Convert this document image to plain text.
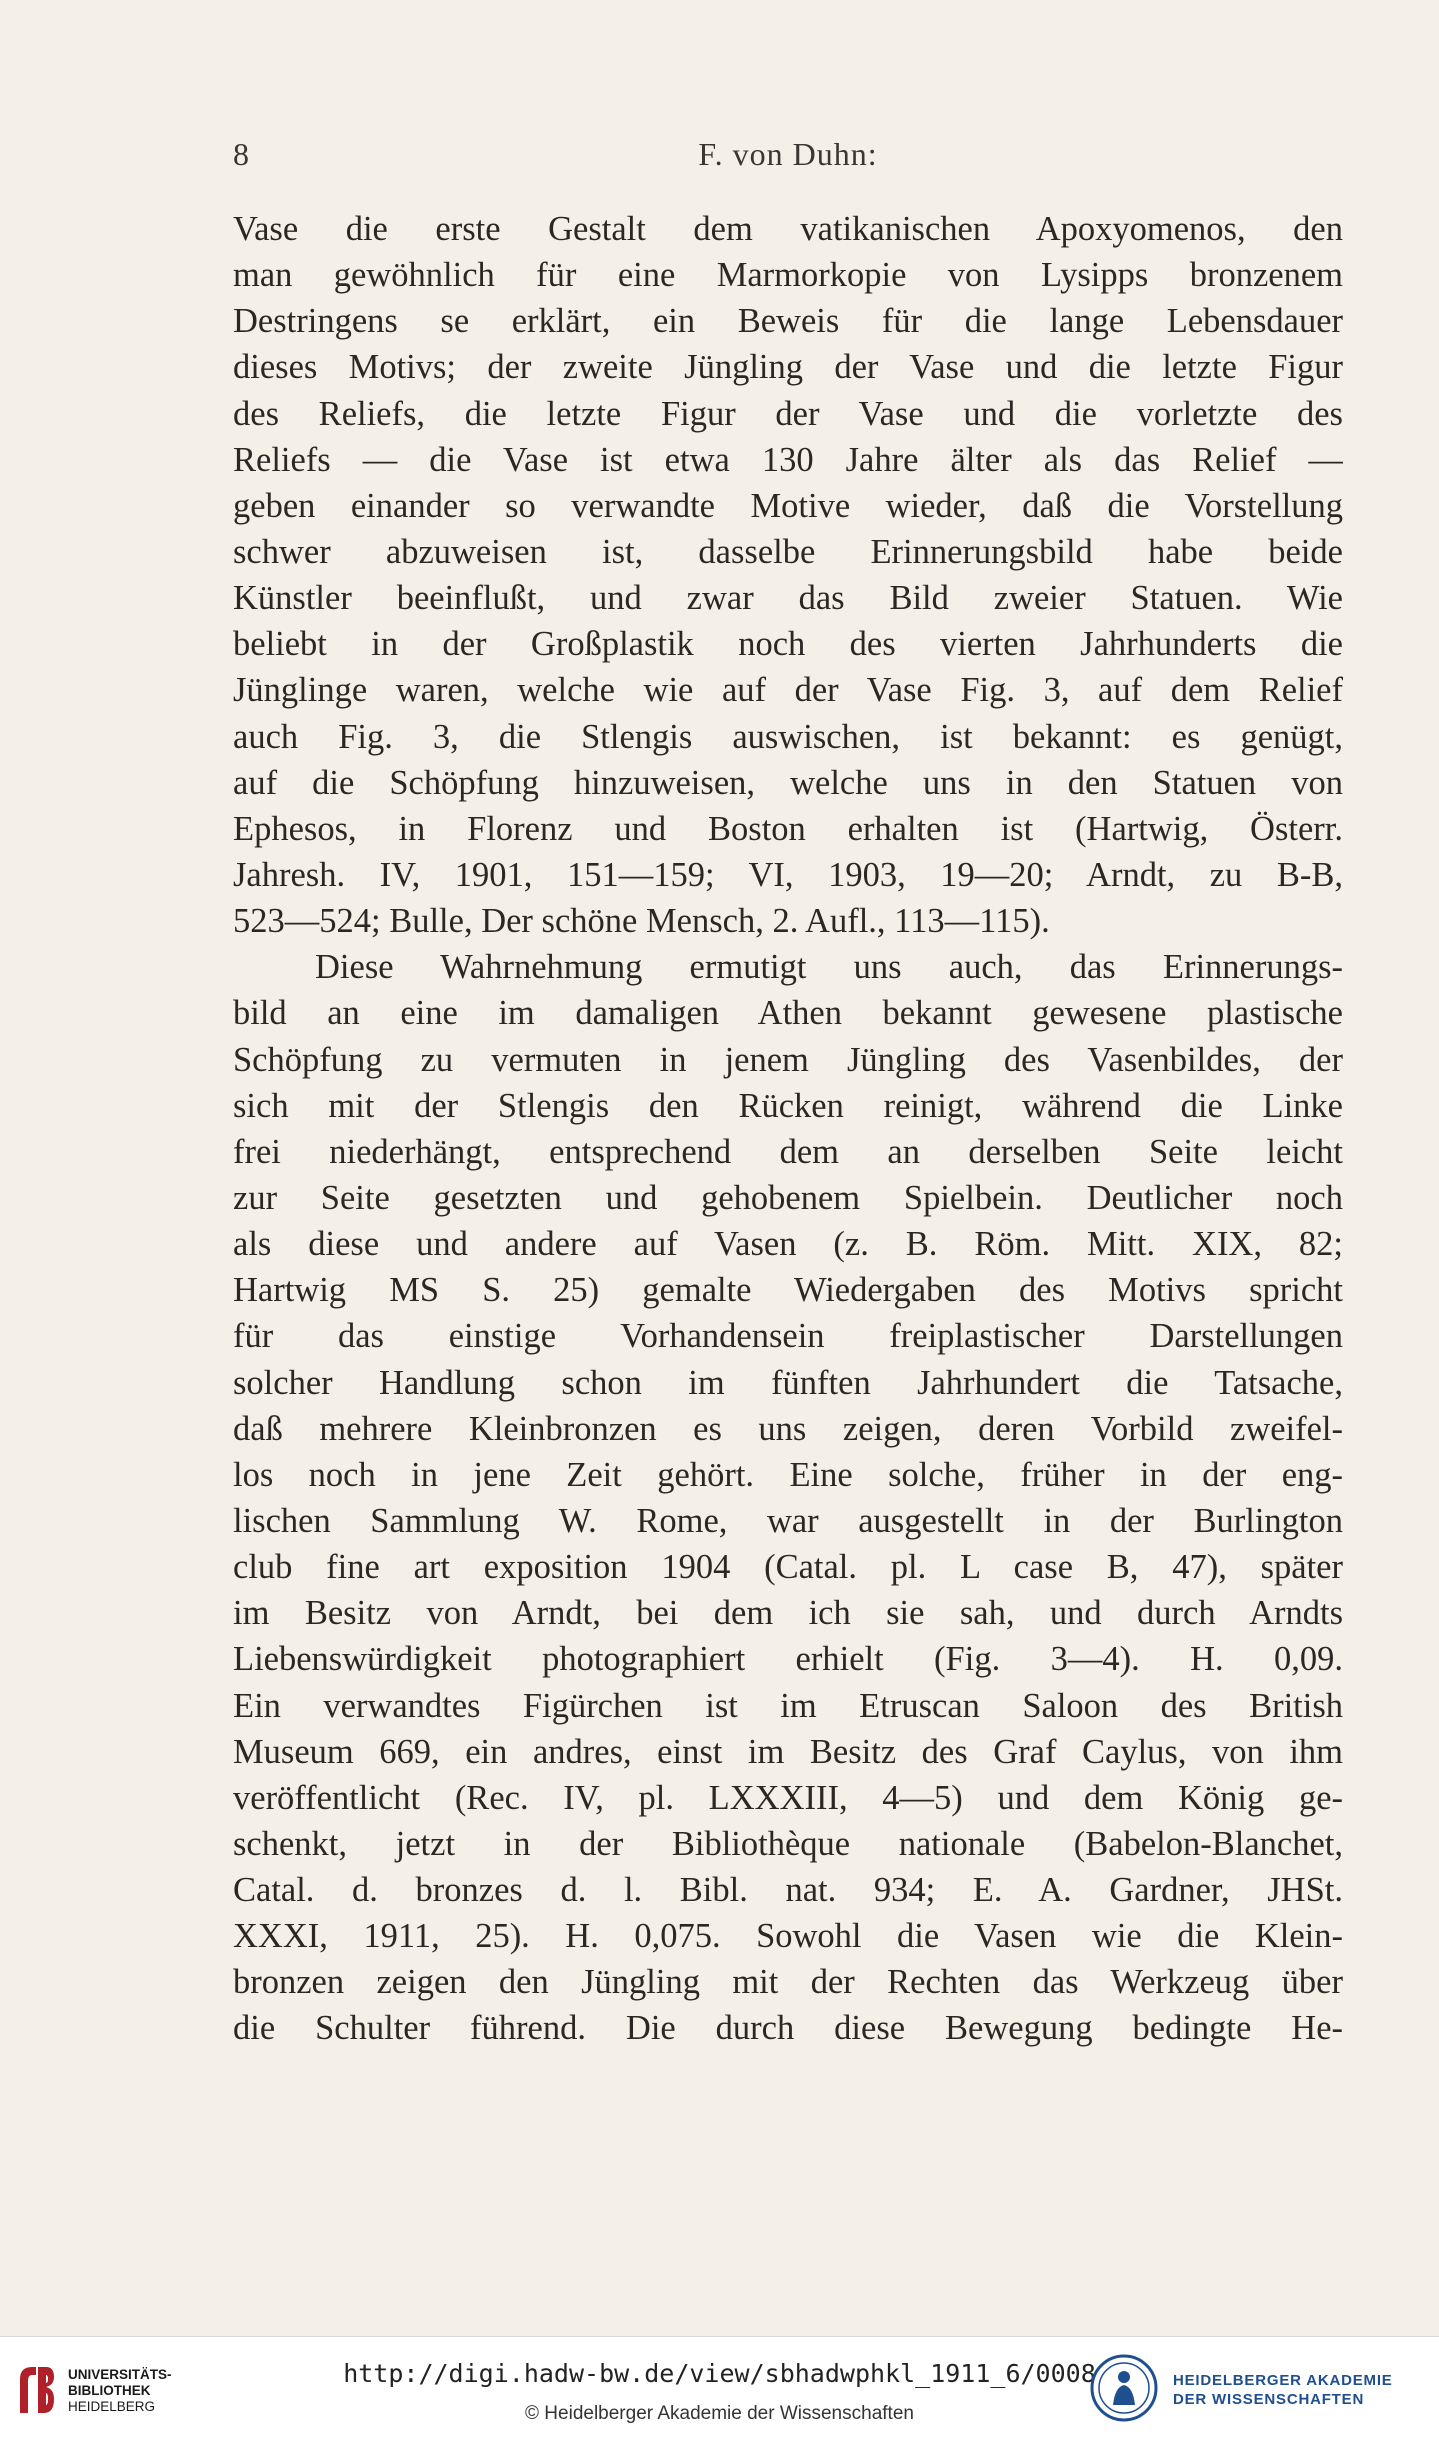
8	F. von Duhn:
Vase die erste Gestalt dem vatikanischen Apoxyomenos, den
man gewöhnlich für eine Marmorkopie von Lysipps bronzenem
Destringens se erklärt, ein Beweis für die lange Lebensdauer
dieses Motivs; der zweite Jüngling der Vase und die letzte Figur
des Reliefs, die letzte Figur der Vase und die vorletzte des
Reliefs — die Vase ist etwa 130 Jahre älter als das Relief —
geben einander so verwandte Motive wieder, daß die Vorstellung
schwer abzuweisen ist, dasselbe Erinnerungsbild habe beide
Künstler beeinflußt, und zwar das Bild zweier Statuen. Wie
beliebt in der Großplastik noch des vierten Jahrhunderts die
Jünglinge waren, welche wie auf der Vase Fig. 3, auf dem Relief
auch Fig. 3, die Stlengis auswischen, ist bekannt: es genügt,
auf die Schöpfung hinzuweisen, welche uns in den Statuen von
Ephesos, in Florenz und Boston erhalten ist (Hartwig, Österr.
Jahresh. IV, 1901, 151—159; VI, 1903, 19—20; Arndt, zu B-B,
523—524; Bulle, Der schöne Mensch, 2. Aufl., 113—115).
Diese Wahrnehmung ermutigt uns auch, das Erinnerungs-
bild an eine im damaligen Athen bekannt gewesene plastische
Schöpfung zu vermuten in jenem Jüngling des Vasenbildes, der
sich mit der Stlengis den Rücken reinigt, während die Linke
frei niederhängt, entsprechend dem an derselben Seite leicht
zur Seite gesetzten und gehobenem Spielbein. Deutlicher noch
als diese und andere auf Vasen (z. B. Röm. Mitt. XIX, 82;
Hartwig MS S. 25) gemalte Wiedergaben des Motivs spricht
für das einstige Vorhandensein freiplastischer Darstellungen
solcher Handlung schon im fünften Jahrhundert die Tatsache,
daß mehrere Kleinbronzen es uns zeigen, deren Vorbild zweifel-
los noch in jene Zeit gehört. Eine solche, früher in der eng-
lischen Sammlung W. Rome, war ausgestellt in der Burlington
club fine art exposition 1904 (Catal. pl. L case B, 47), später
im Besitz von Arndt, bei dem ich sie sah, und durch Arndts
Liebenswürdigkeit photographiert erhielt (Fig. 3—4). H. 0,09.
Ein verwandtes Figürchen ist im Etruscan Saloon des British
Museum 669, ein andres, einst im Besitz des Graf Caylus, von ihm
veröffentlicht (Rec. IV, pl. LXXXIII, 4—5) und dem König ge-
schenkt, jetzt in der Bibliothèque nationale (Babelon-Blanchet,
Catal. d. bronzes d. l. Bibl. nat. 934; E. A. Gardner, JHSt.
XXXI, 1911, 25). H. 0,075. Sowohl die Vasen wie die Klein-
bronzen zeigen den Jüngling mit der Rechten das Werkzeug über
die Schulter führend. Die durch diese Bewegung bedingte He-
UNIVERSITÄTS-
BIBLIOTHEK
HEIDELBERG
http://digi.hadw-bw.de/view/sbhadwphkl_1911_6/0008
© Heidelberger Akademie der Wissenschaften
HEIDELBERGER AKADEMIE
DER WISSENSCHAFTEN
